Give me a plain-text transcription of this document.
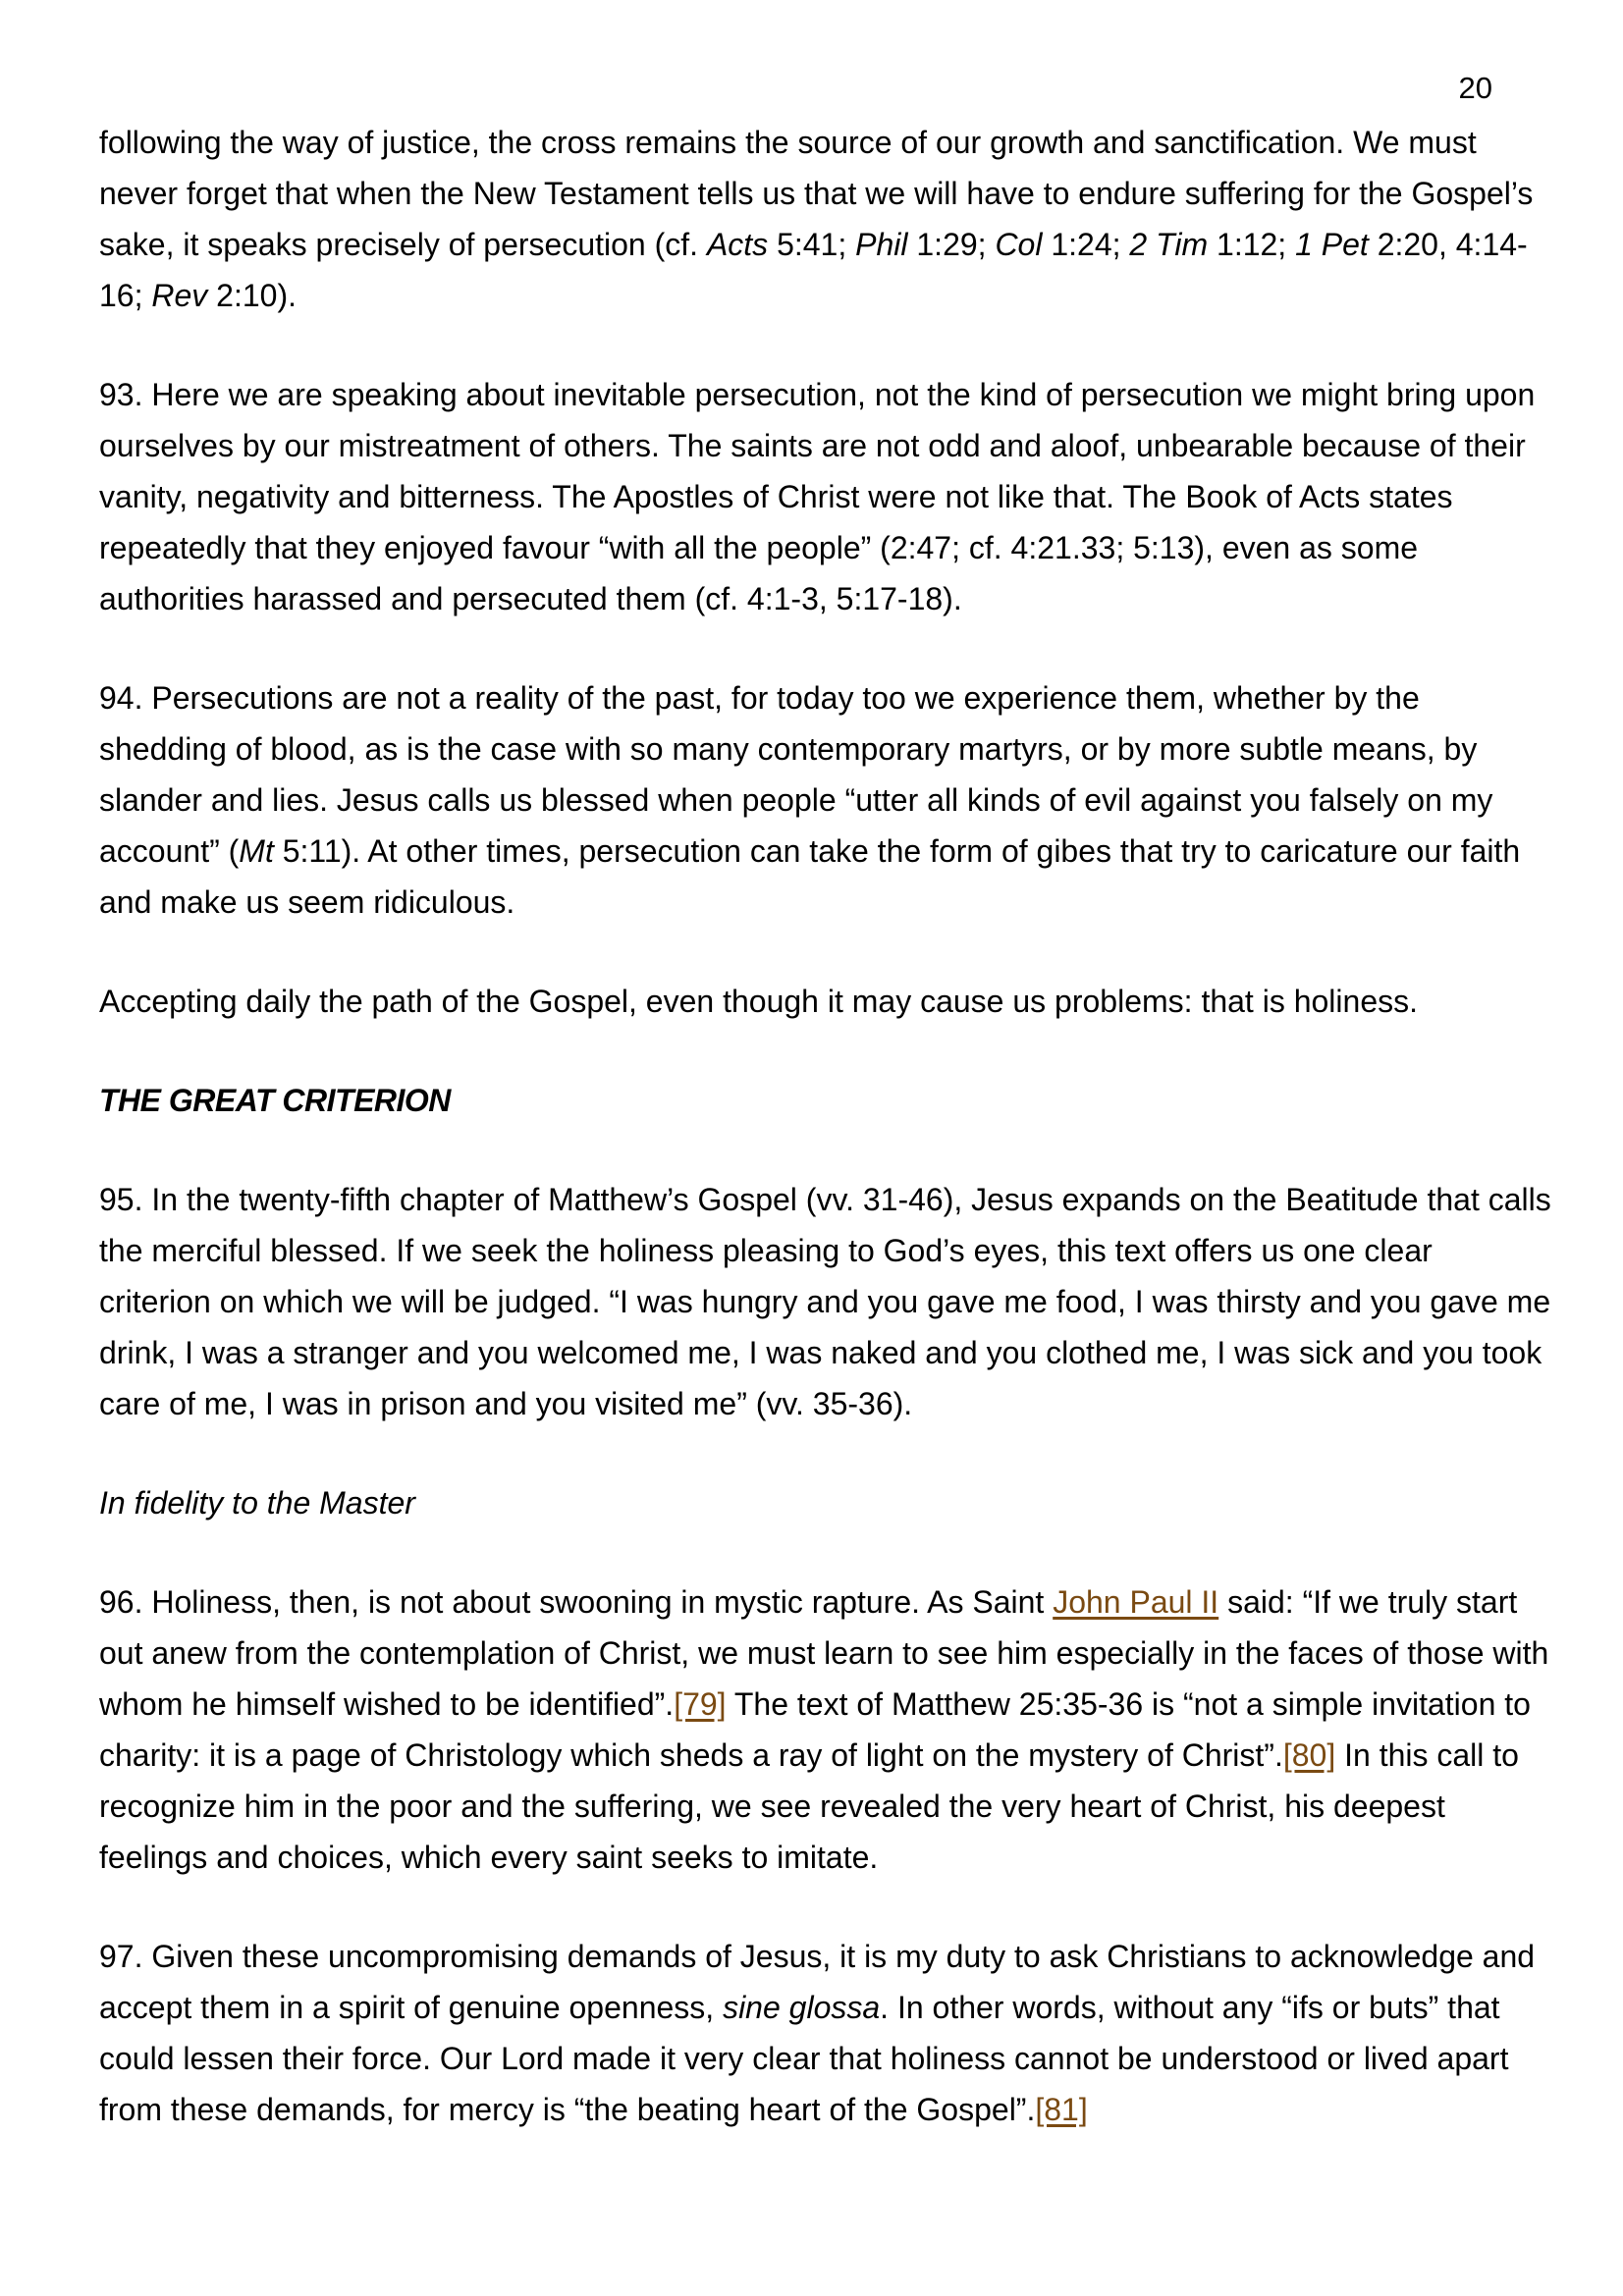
20

following the way of justice, the cross remains the source of our growth and sanctification. We must never forget that when the New Testament tells us that we will have to endure suffering for the Gospel’s sake, it speaks precisely of persecution (cf. Acts 5:41; Phil 1:29; Col 1:24; 2 Tim 1:12; 1 Pet 2:20, 4:14-16; Rev 2:10).

93. Here we are speaking about inevitable persecution, not the kind of persecution we might bring upon ourselves by our mistreatment of others. The saints are not odd and aloof, unbearable because of their vanity, negativity and bitterness. The Apostles of Christ were not like that. The Book of Acts states repeatedly that they enjoyed favour “with all the people” (2:47; cf. 4:21.33; 5:13), even as some authorities harassed and persecuted them (cf. 4:1-3, 5:17-18).

94. Persecutions are not a reality of the past, for today too we experience them, whether by the shedding of blood, as is the case with so many contemporary martyrs, or by more subtle means, by slander and lies. Jesus calls us blessed when people “utter all kinds of evil against you falsely on my account” (Mt 5:11). At other times, persecution can take the form of gibes that try to caricature our faith and make us seem ridiculous.

Accepting daily the path of the Gospel, even though it may cause us problems: that is holiness.

THE GREAT CRITERION

95. In the twenty-fifth chapter of Matthew’s Gospel (vv. 31-46), Jesus expands on the Beatitude that calls the merciful blessed. If we seek the holiness pleasing to God’s eyes, this text offers us one clear criterion on which we will be judged. “I was hungry and you gave me food, I was thirsty and you gave me drink, I was a stranger and you welcomed me, I was naked and you clothed me, I was sick and you took care of me, I was in prison and you visited me” (vv. 35-36).

In fidelity to the Master

96. Holiness, then, is not about swooning in mystic rapture. As Saint John Paul II said: “If we truly start out anew from the contemplation of Christ, we must learn to see him especially in the faces of those with whom he himself wished to be identified”.[79] The text of Matthew 25:35-36 is “not a simple invitation to charity: it is a page of Christology which sheds a ray of light on the mystery of Christ”.[80] In this call to recognize him in the poor and the suffering, we see revealed the very heart of Christ, his deepest feelings and choices, which every saint seeks to imitate.

97. Given these uncompromising demands of Jesus, it is my duty to ask Christians to acknowledge and accept them in a spirit of genuine openness, sine glossa. In other words, without any “ifs or buts” that could lessen their force. Our Lord made it very clear that holiness cannot be understood or lived apart from these demands, for mercy is “the beating heart of the Gospel”.[81]
